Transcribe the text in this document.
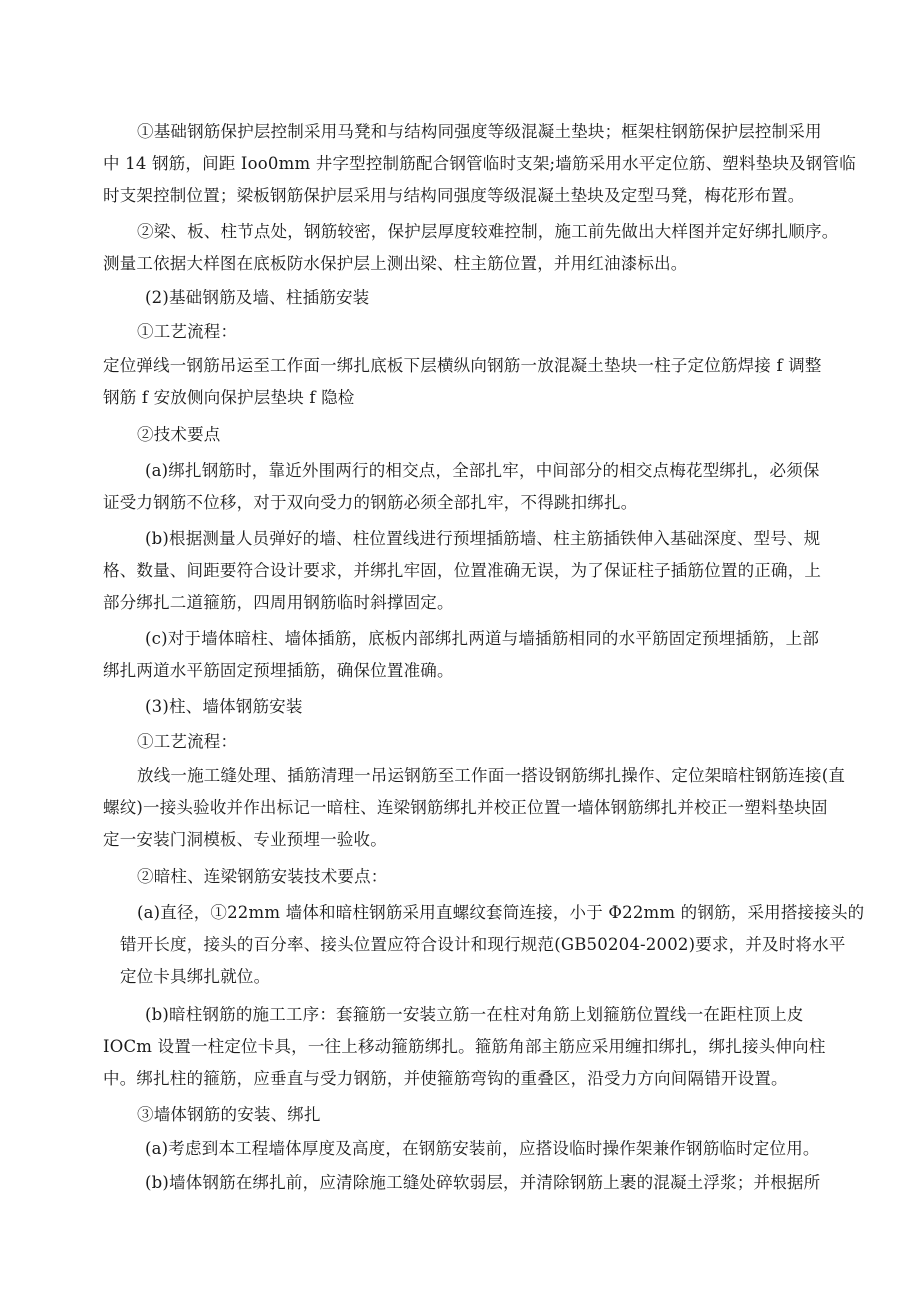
①基础钢筋保护层控制采用马凳和与结构同强度等级混凝土垫块；框架柱钢筋保护层控制采用
中 14 钢筋，间距 Ioo0mm 井字型控制筋配合钢管临时支架;墙筋采用水平定位筋、塑料垫块及钢管临
时支架控制位置；梁板钢筋保护层采用与结构同强度等级混凝土垫块及定型马凳，梅花形布置。
②梁、板、柱节点处，钢筋较密，保护层厚度较难控制，施工前先做出大样图并定好绑扎顺序。
测量工依据大样图在底板防水保护层上测出梁、柱主筋位置，并用红油漆标出。
(2)基础钢筋及墙、柱插筋安装
①工艺流程：
定位弹线一钢筋吊运至工作面一绑扎底板下层横纵向钢筋一放混凝土垫块一柱子定位筋焊接 f 调整
钢筋 f 安放侧向保护层垫块 f 隐检
②技术要点
(a)绑扎钢筋时，靠近外围两行的相交点，全部扎牢，中间部分的相交点梅花型绑扎，必须保
证受力钢筋不位移，对于双向受力的钢筋必须全部扎牢，不得跳扣绑扎。
(b)根据测量人员弹好的墙、柱位置线进行预埋插筋墙、柱主筋插铁伸入基础深度、型号、规
格、数量、间距要符合设计要求，并绑扎牢固，位置准确无误，为了保证柱子插筋位置的正确，上
部分绑扎二道箍筋，四周用钢筋临时斜撑固定。
(c)对于墙体暗柱、墙体插筋，底板内部绑扎两道与墙插筋相同的水平筋固定预埋插筋，上部
绑扎两道水平筋固定预埋插筋，确保位置准确。
(3)柱、墙体钢筋安装
①工艺流程：
放线一施工缝处理、插筋清理一吊运钢筋至工作面一搭设钢筋绑扎操作、定位架暗柱钢筋连接(直
螺纹)一接头验收并作出标记一暗柱、连梁钢筋绑扎并校正位置一墙体钢筋绑扎并校正一塑料垫块固
定一安装门洞模板、专业预埋一验收。
②暗柱、连梁钢筋安装技术要点：
(a)直径，①22mm 墙体和暗柱钢筋采用直螺纹套筒连接，小于 Φ22mm 的钢筋，采用搭接接头的
错开长度，接头的百分率、接头位置应符合设计和现行规范(GB50204-2002)要求，并及时将水平
定位卡具绑扎就位。
(b)暗柱钢筋的施工工序：套箍筋一安装立筋一在柱对角筋上划箍筋位置线一在距柱顶上皮
IOCm 设置一柱定位卡具，一往上移动箍筋绑扎。箍筋角部主筋应采用缠扣绑扎，绑扎接头伸向柱
中。绑扎柱的箍筋，应垂直与受力钢筋，并使箍筋弯钩的重叠区，沿受力方向间隔错开设置。
③墙体钢筋的安装、绑扎
(a)考虑到本工程墙体厚度及高度，在钢筋安装前，应搭设临时操作架兼作钢筋临时定位用。
(b)墙体钢筋在绑扎前，应清除施工缝处碎软弱层，并清除钢筋上裹的混凝土浮浆；并根据所
